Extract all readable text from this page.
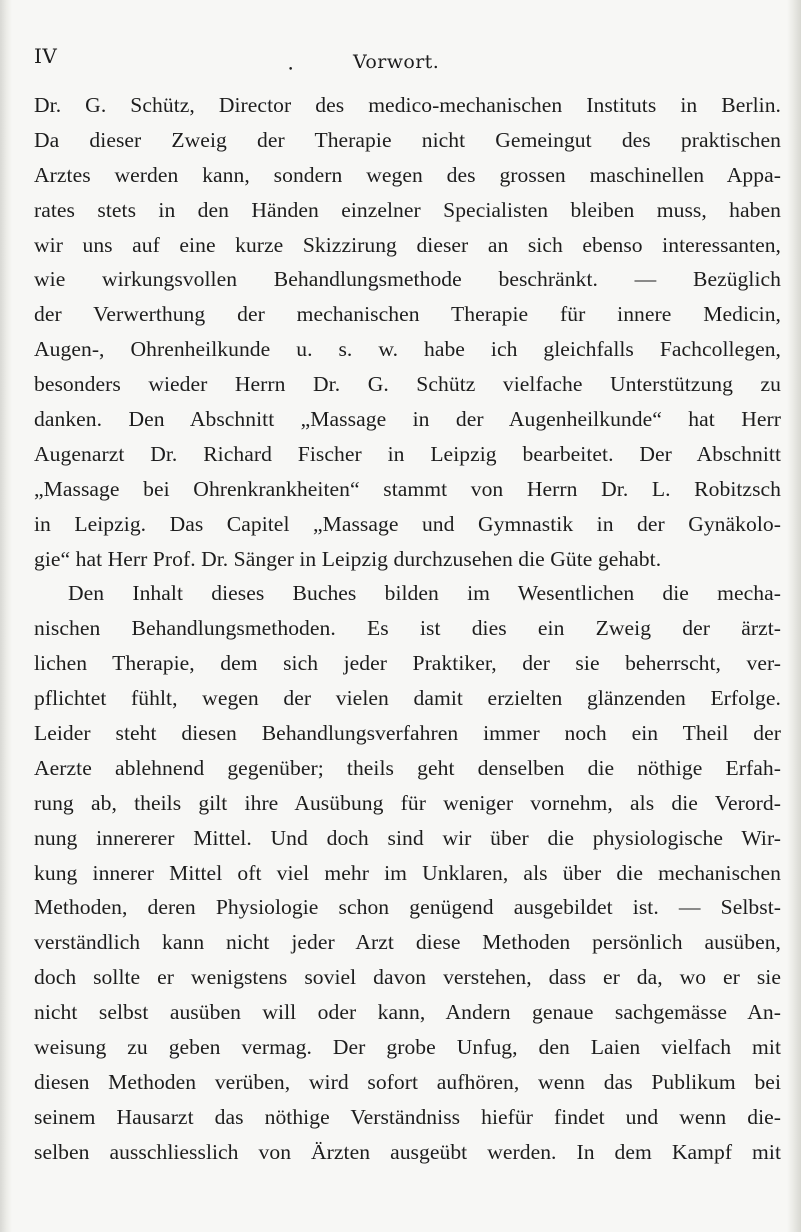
IV
•	Vorwort.
Dr. G. Schütz, Director des medico-mechanischen Instituts in Berlin.
Da dieser Zweig der Therapie nicht Gemeingut des praktischen
Arztes werden kann, sondern wegen des grossen maschinellen Appa-
rates stets in den Händen einzelner Specialisten bleiben muss, haben
wir uns auf eine kurze Skizzirung dieser an sich ebenso interessanten,
wie wirkungsvollen Behandlungsmethode beschränkt. — Bezüglich
der Verwerthung der mechanischen Therapie für innere Medicin,
Augen-, Ohrenheilkunde u. s. w. habe ich gleichfalls Fachcollegen,
besonders wieder Herrn Dr. G. Schütz vielfache Unterstützung zu
danken. Den Abschnitt „Massage in der Augenheilkunde“ hat Herr
Augenarzt Dr. Richard Fischer in Leipzig bearbeitet. Der Abschnitt
„Massage bei Ohrenkrankheiten“ stammt von Herrn Dr. L. Robitzsch
in Leipzig. Das Capitel „Massage und Gymnastik in der Gynäkolo-
gie“ hat Herr Prof. Dr. Sänger in Leipzig durchzusehen die Güte gehabt.
Den Inhalt dieses Buches bilden im Wesentlichen die mecha-
nischen Behandlungsmethoden. Es ist dies ein Zweig der ärzt-
lichen Therapie, dem sich jeder Praktiker, der sie beherrscht, ver-
pflichtet fühlt, wegen der vielen damit erzielten glänzenden Erfolge.
Leider steht diesen Behandlungsverfahren immer noch ein Theil der
Aerzte ablehnend gegenüber; theils geht denselben die nöthige Erfah-
rung ab, theils gilt ihre Ausübung für weniger vornehm, als die Verord-
nung innererer Mittel. Und doch sind wir über die physiologische Wir-
kung innerer Mittel oft viel mehr im Unklaren, als über die mechanischen
Methoden, deren Physiologie schon genügend ausgebildet ist. — Selbst-
verständlich kann nicht jeder Arzt diese Methoden persönlich ausüben,
doch sollte er wenigstens soviel davon verstehen, dass er da, wo er sie
nicht selbst ausüben will oder kann, Andern genaue sachgemässe An-
weisung zu geben vermag. Der grobe Unfug, den Laien vielfach mit
diesen Methoden verüben, wird sofort aufhören, wenn das Publikum bei
seinem Hausarzt das nöthige Verständniss hiefür findet und wenn die-
selben ausschliesslich von Ärzten ausgeübt werden. In dem Kampf mit
